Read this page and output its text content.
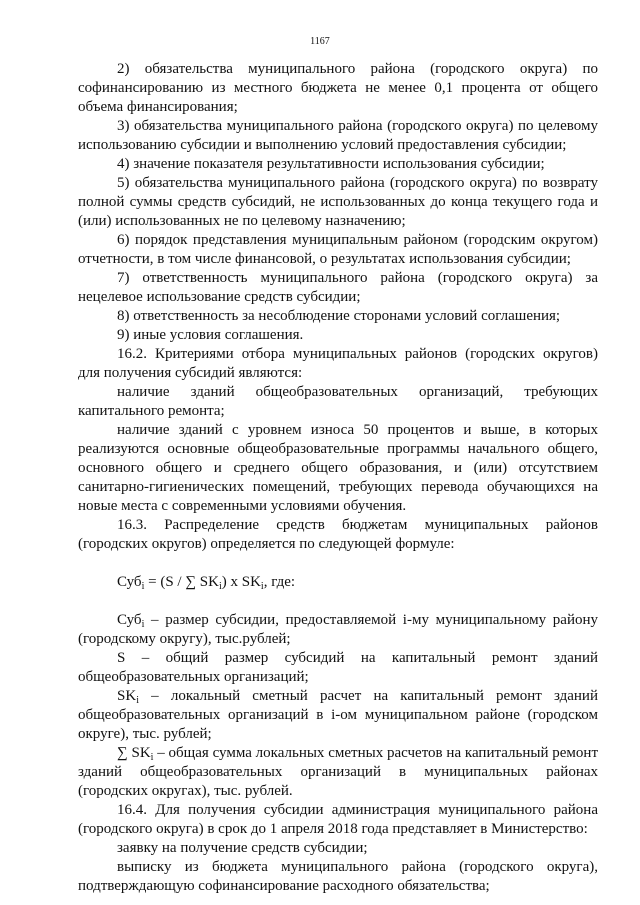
1167

2) обязательства муниципального района (городского округа) по софинансированию из местного бюджета не менее 0,1 процента от общего объема финансирования;

3) обязательства муниципального района (городского округа) по целевому использованию субсидии и выполнению условий предоставления субсидии;

4) значение показателя результативности использования субсидии;

5) обязательства муниципального района (городского округа) по возврату полной суммы средств субсидий, не использованных до конца текущего года и (или) использованных не по целевому назначению;

6) порядок представления муниципальным районом (городским округом) отчетности, в том числе финансовой, о результатах использования субсидии;

7) ответственность муниципального района (городского округа) за нецелевое использование средств субсидии;

8) ответственность за несоблюдение сторонами условий соглашения;

9) иные условия соглашения.

16.2. Критериями отбора муниципальных районов (городских округов) для получения субсидий являются:

наличие зданий общеобразовательных организаций, требующих капитального ремонта;

наличие зданий с уровнем износа 50 процентов и выше, в которых реализуются основные общеобразовательные программы начального общего, основного общего и среднего общего образования, и (или) отсутствием санитарно-гигиенических помещений, требующих перевода обучающихся на новые места с современными условиями обучения.

16.3. Распределение средств бюджетам муниципальных районов (городских округов) определяется по следующей формуле:

Суб$_i$ = (S / ∑ $SK_i$) х $SK_i$, где:

Суб$_i$ – размер субсидии, предоставляемой i-му муниципальному району (городскому округу), тыс.рублей;

S – общий размер субсидий на капитальный ремонт зданий общеобразовательных организаций;

$SK_i$ – локальный сметный расчет на капитальный ремонт зданий общеобразовательных организаций в i-ом муниципальном районе (городском округе), тыс. рублей;

∑ $SK_i$ – общая сумма локальных сметных расчетов на капитальный ремонт зданий общеобразовательных организаций в муниципальных районах (городских округах), тыс. рублей.

16.4. Для получения субсидии администрация муниципального района (городского округа) в срок до 1 апреля 2018 года представляет в Министерство:

заявку на получение средств субсидии;

выписку из бюджета муниципального района (городского округа), подтверждающую софинансирование расходного обязательства;
